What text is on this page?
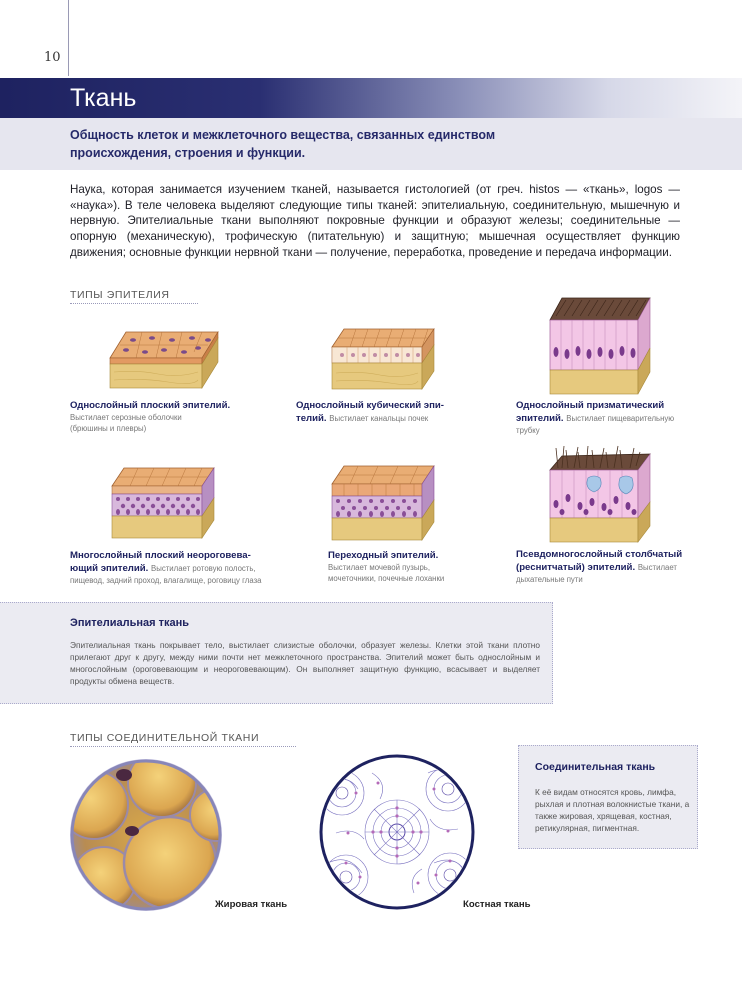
10
Ткань

Общность клеток и межклеточного вещества, связанных единством происхождения, строения и функции.

Наука, которая занимается изучением тканей, называется гистологией (от греч. histos — «ткань», logos — «наука»). В теле человека выделяют следующие типы тканей: эпителиальную, соединительную, мышечную и нервную. Эпителиальные ткани выполняют покровные функции и образуют железы; соединительные — опорную (механическую), трофическую (питательную) и защитную; мышечная осуществляет функцию движения; основные функции нервной ткани — получение, переработка, проведение и передача информации.

ТИПЫ ЭПИТЕЛИЯ
Однослойный плоский эпителий.
Выстилает серозные оболочки
(брюшины и плевры)
Однослойный кубический эпи-
телий. Выстилает канальцы почек
Однослойный призматический
эпителий. Выстилает пищеварительную
трубку
Многослойный плоский неороговева-
ющий эпителий. Выстилает ротовую полость,
пищевод, задний проход, влагалище, роговицу глаза
Переходный эпителий.
Выстилает мочевой пузырь,
мочеточники, почечные лоханки
Псевдомногослойный столбчатый
(реснитчатый) эпителий. Выстилает
дыхательные пути
Эпителиальная ткань

Эпителиальная ткань покрывает тело, выстилает слизистые оболочки, образует железы. Клетки этой ткани плотно прилегают друг к другу, между ними почти нет межклеточного пространства. Эпителий может быть однослойным и многослойным (ороговевающим и неороговевающим). Он выполняет защитную функцию, всасывает и выделяет продукты обмена веществ.

ТИПЫ СОЕДИНИТЕЛЬНОЙ ТКАНИ
Жировая ткань	Костная ткань
Соединительная ткань

К её видам относятся кровь, лимфа, рыхлая и плотная волокнистые ткани, а также жировая, хрящевая, костная, ретикулярная, пигментная.
